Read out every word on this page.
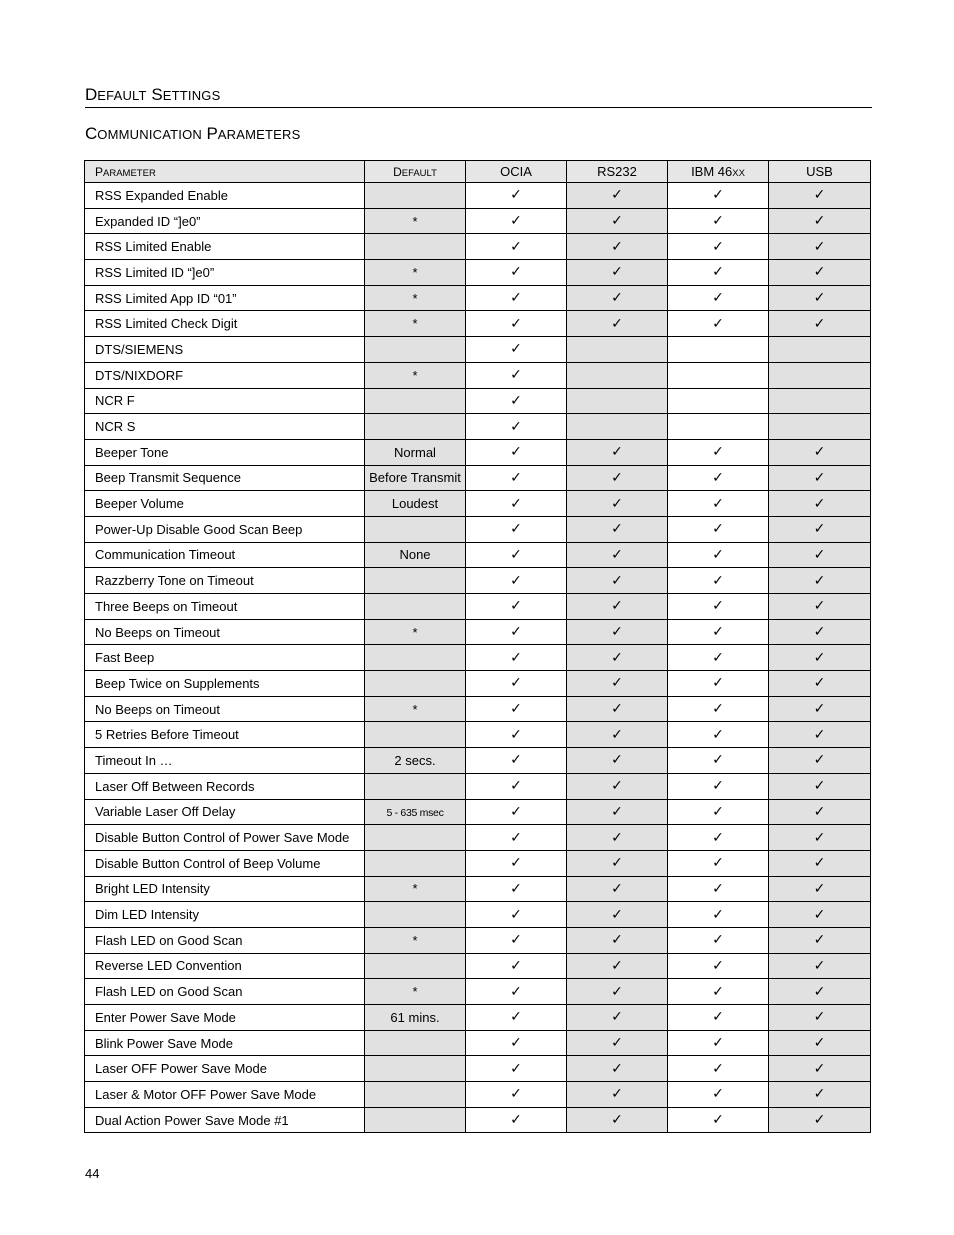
DEFAULT SETTINGS
COMMUNICATION PARAMETERS
PARAMETER	DEFAULT	OCIA	RS232	IBM 46XX	USB
RSS Expanded Enable		✓	✓	✓	✓
Expanded ID “]e0”	*	✓	✓	✓	✓
RSS Limited Enable		✓	✓	✓	✓
RSS Limited ID “]e0”	*	✓	✓	✓	✓
RSS Limited App ID “01”	*	✓	✓	✓	✓
RSS Limited Check Digit	*	✓	✓	✓	✓
DTS/SIEMENS		✓			
DTS/NIXDORF	*	✓			
NCR F		✓			
NCR S		✓			
Beeper Tone	Normal	✓	✓	✓	✓
Beep Transmit Sequence	Before Transmit	✓	✓	✓	✓
Beeper Volume	Loudest	✓	✓	✓	✓
Power-Up Disable Good Scan Beep		✓	✓	✓	✓
Communication Timeout	None	✓	✓	✓	✓
Razzberry Tone on Timeout		✓	✓	✓	✓
Three Beeps on Timeout		✓	✓	✓	✓
No Beeps on Timeout	*	✓	✓	✓	✓
Fast Beep		✓	✓	✓	✓
Beep Twice on Supplements		✓	✓	✓	✓
No Beeps on Timeout	*	✓	✓	✓	✓
5 Retries Before Timeout		✓	✓	✓	✓
Timeout In …	2 secs.	✓	✓	✓	✓
Laser Off Between Records		✓	✓	✓	✓
Variable Laser Off Delay	5 - 635 msec	✓	✓	✓	✓
Disable Button Control of Power Save Mode		✓	✓	✓	✓
Disable Button Control of Beep Volume		✓	✓	✓	✓
Bright LED Intensity	*	✓	✓	✓	✓
Dim LED Intensity		✓	✓	✓	✓
Flash LED on Good Scan	*	✓	✓	✓	✓
Reverse LED Convention		✓	✓	✓	✓
Flash LED on Good Scan	*	✓	✓	✓	✓
Enter Power Save Mode	61 mins.	✓	✓	✓	✓
Blink Power Save Mode		✓	✓	✓	✓
Laser OFF Power Save Mode		✓	✓	✓	✓
Laser & Motor OFF Power Save Mode		✓	✓	✓	✓
Dual Action Power Save Mode #1		✓	✓	✓	✓
44
